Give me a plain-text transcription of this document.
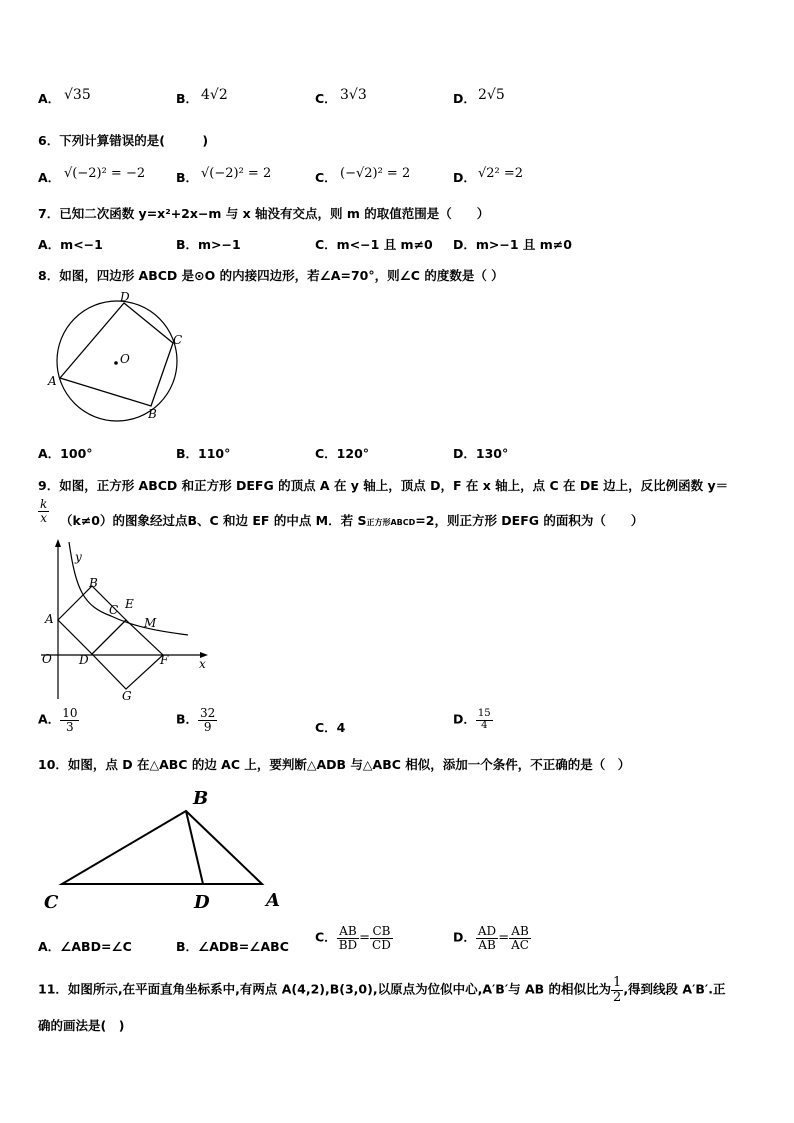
A． √35	B． 4√2	C． 3√3	D． 2√5
6．下列计算错误的是(　　　)
A． √(−2)² = −2 B． √(−2)² = 2	C． (−√2)² = 2	D． √2² =2
7．已知二次函数 y=x²+2x−m 与 x 轴没有交点，则 m 的取值范围是（　　）
A．m<−1	B．m>−1	C．m<−1 且 m≠0 D．m>−1 且 m≠0
8．如图，四边形 ABCD 是⊙O 的内接四边形，若∠A=70°，则∠C 的度数是（ ）
A
B
C
D
O
A．100°	B．110°	C．120°	D．130°
9．如图，正方形 ABCD 和正方形 DEFG 的顶点 A 在 y 轴上，顶点 D，F 在 x 轴上，点 C 在 DE 边上，反比例函数 y＝
$\frac{k}{x} (k\ne 0)$的图象经过点B、C 和边 EF 的中点 M．若 S正方形ABCD=2，则正方形 DEFG 的面积为（　　）
y
x
O
A
B
C
D
E
F
G
M
A． $\frac{10}{3}$	B． $\frac{32}{9}$	C．4
D． $\frac{15}{4}$
10．如图，点 D 在△ABC 的边 AC 上，要判断△ADB 与△ABC 相似，添加一个条件，不正确的是（　）
B
C	D	A
A．∠ABD=∠C	B．∠ADB=∠ABC
C． $\frac{AB}{BD} = \frac{CB}{CD}$	D． $\frac{AD}{AB} = \frac{AB}{AC}$
11．如图所示,在平面直角坐标系中,有两点 A(4,2),B(3,0),以原点为位似中心,A′B′与 AB 的相似比为 $\frac{1}{2}$ ,得到线段 A′B′.正
确的画法是(　)
